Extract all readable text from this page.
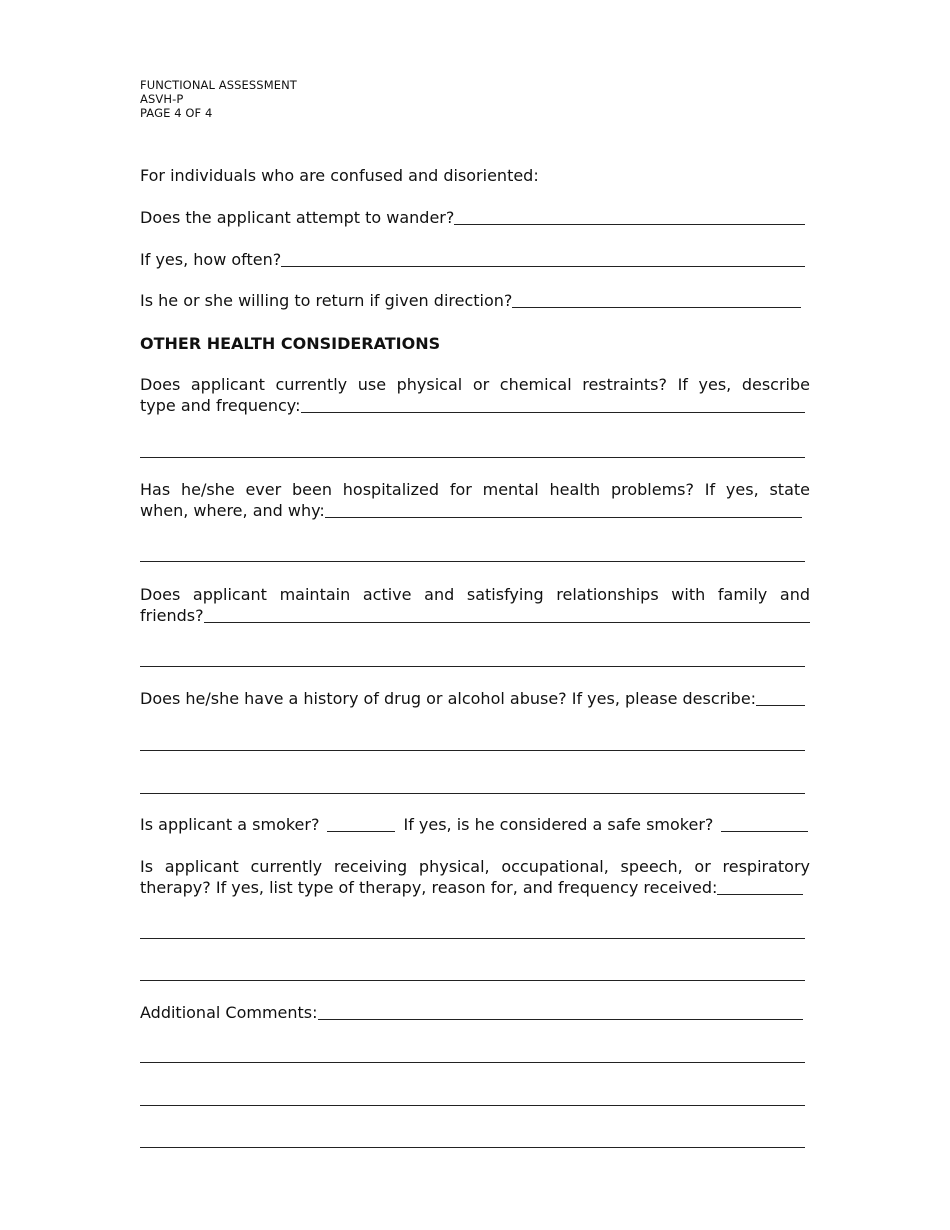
FUNCTIONAL ASSESSMENT
ASVH-P
PAGE 4 OF 4
For individuals who are confused and disoriented:
Does the applicant attempt to wander?
If yes, how often?
Is he or she willing to return if given direction?
OTHER HEALTH CONSIDERATIONS
Does applicant currently use physical or chemical restraints? If yes, describe
type and frequency:
Has he/she ever been hospitalized for mental health problems? If yes, state
when, where, and why:
Does applicant maintain active and satisfying relationships with family and
friends?
Does he/she have a history of drug or alcohol abuse? If yes, please describe:
Is applicant a smoker?	If yes, is he considered a safe smoker?
Is applicant currently receiving physical, occupational, speech, or respiratory
therapy? If yes, list type of therapy, reason for, and frequency received:
Additional Comments:
